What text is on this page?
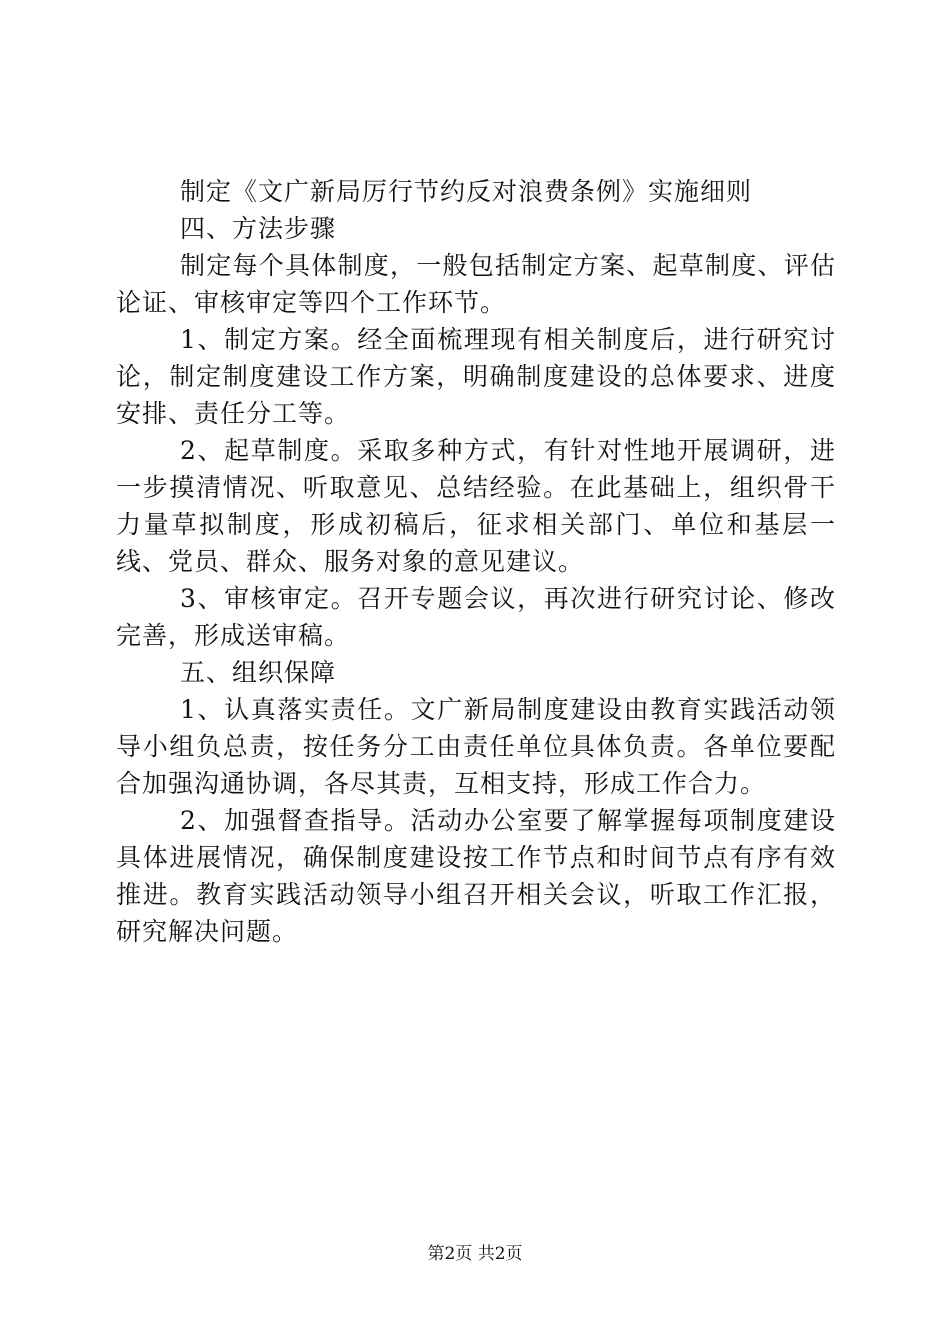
制定《文广新局厉行节约反对浪费条例》实施细则

四、方法步骤

制定每个具体制度，一般包括制定方案、起草制度、评估论证、审核审定等四个工作环节。

1、制定方案。经全面梳理现有相关制度后，进行研究讨论，制定制度建设工作方案，明确制度建设的总体要求、进度安排、责任分工等。

2、起草制度。采取多种方式，有针对性地开展调研，进一步摸清情况、听取意见、总结经验。在此基础上，组织骨干力量草拟制度，形成初稿后，征求相关部门、单位和基层一线、党员、群众、服务对象的意见建议。

3、审核审定。召开专题会议，再次进行研究讨论、修改完善，形成送审稿。

五、组织保障

1、认真落实责任。文广新局制度建设由教育实践活动领导小组负总责，按任务分工由责任单位具体负责。各单位要配合加强沟通协调，各尽其责，互相支持，形成工作合力。

2、加强督查指导。活动办公室要了解掌握每项制度建设具体进展情况，确保制度建设按工作节点和时间节点有序有效推进。教育实践活动领导小组召开相关会议，听取工作汇报，研究解决问题。

第2页 共2页
